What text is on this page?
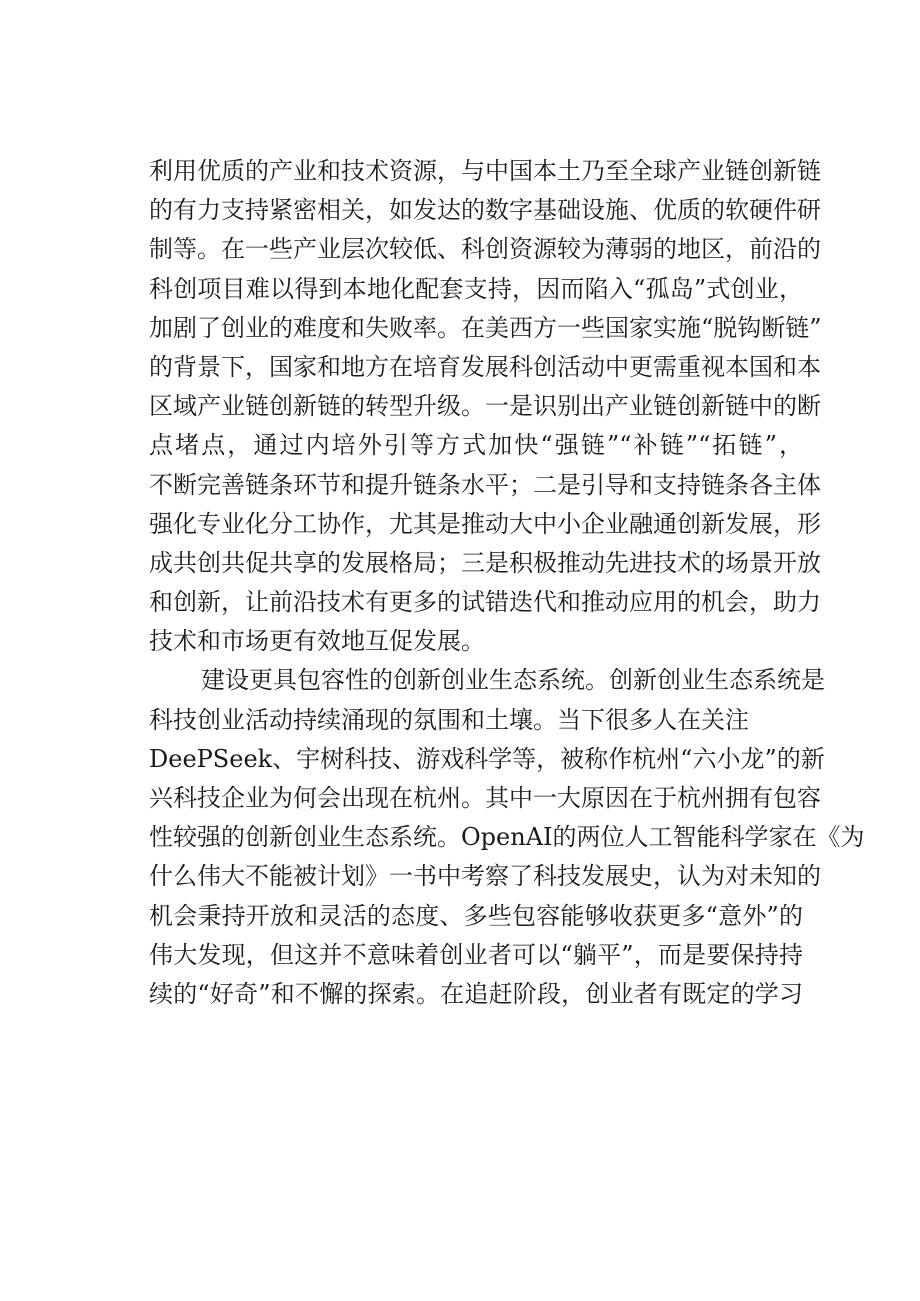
利用优质的产业和技术资源，与中国本土乃至全球产业链创新链
的有力支持紧密相关，如发达的数字基础设施、优质的软硬件研
制等。在一些产业层次较低、科创资源较为薄弱的地区，前沿的
科创项目难以得到本地化配套支持，因而陷入“孤岛”式创业，
加剧了创业的难度和失败率。在美西方一些国家实施“脱钩断链”
的背景下，国家和地方在培育发展科创活动中更需重视本国和本
区域产业链创新链的转型升级。一是识别出产业链创新链中的断
点堵点，通过内培外引等方式加快“强链”“补链”“拓链”，
不断完善链条环节和提升链条水平；二是引导和支持链条各主体
强化专业化分工协作，尤其是推动大中小企业融通创新发展，形
成共创共促共享的发展格局；三是积极推动先进技术的场景开放
和创新，让前沿技术有更多的试错迭代和推动应用的机会，助力
技术和市场更有效地互促发展。
建设更具包容性的创新创业生态系统。创新创业生态系统是
科技创业活动持续涌现的氛围和土壤。当下很多人在关注
DeePSeek、宇树科技、游戏科学等，被称作杭州“六小龙”的新
兴科技企业为何会出现在杭州。其中一大原因在于杭州拥有包容
性较强的创新创业生态系统。OpenAI的两位人工智能科学家在《为
什么伟大不能被计划》一书中考察了科技发展史，认为对未知的
机会秉持开放和灵活的态度、多些包容能够收获更多“意外”的
伟大发现，但这并不意味着创业者可以“躺平”，而是要保持持
续的“好奇”和不懈的探索。在追赶阶段，创业者有既定的学习
